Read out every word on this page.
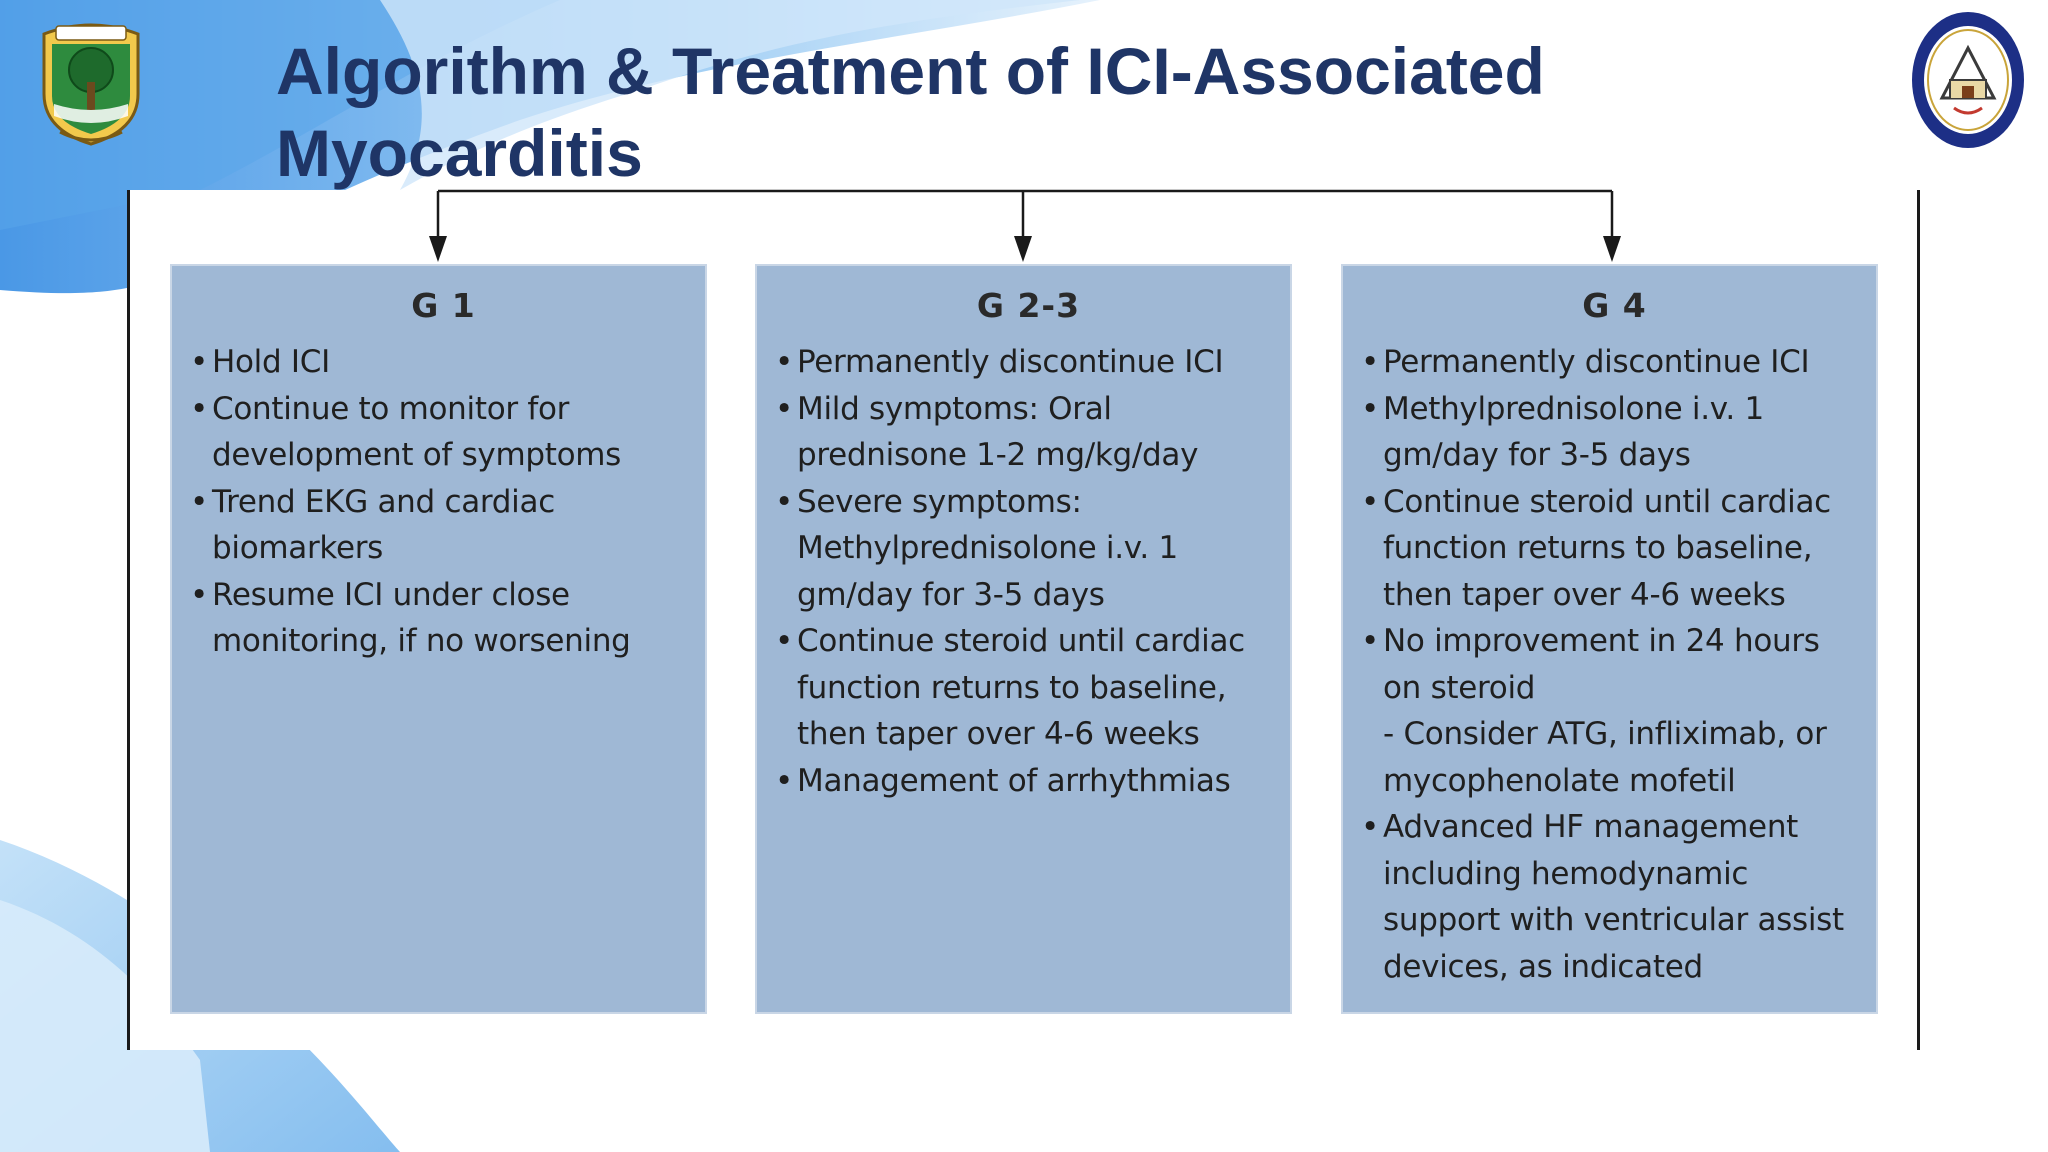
Algorithm & Treatment of ICI-Associated
Myocarditis
G 1
• Hold ICI
• Continue to monitor for development of symptoms
• Trend EKG and cardiac biomarkers
• Resume ICI under close monitoring, if no worsening
G 2-3
• Permanently discontinue ICI
• Mild symptoms: Oral prednisone 1-2 mg/kg/day
• Severe symptoms: Methylprednisolone i.v. 1 gm/day for 3-5 days
• Continue steroid until cardiac function returns to baseline, then taper over 4-6 weeks
• Management of arrhythmias
G 4
• Permanently discontinue ICI
• Methylprednisolone i.v. 1 gm/day for 3-5 days
• Continue steroid until cardiac function returns to baseline, then taper over 4-6 weeks
• No improvement in 24 hours on steroid
- Consider ATG, infliximab, or mycophenolate mofetil
• Advanced HF management including hemodynamic support with ventricular assist devices, as indicated
